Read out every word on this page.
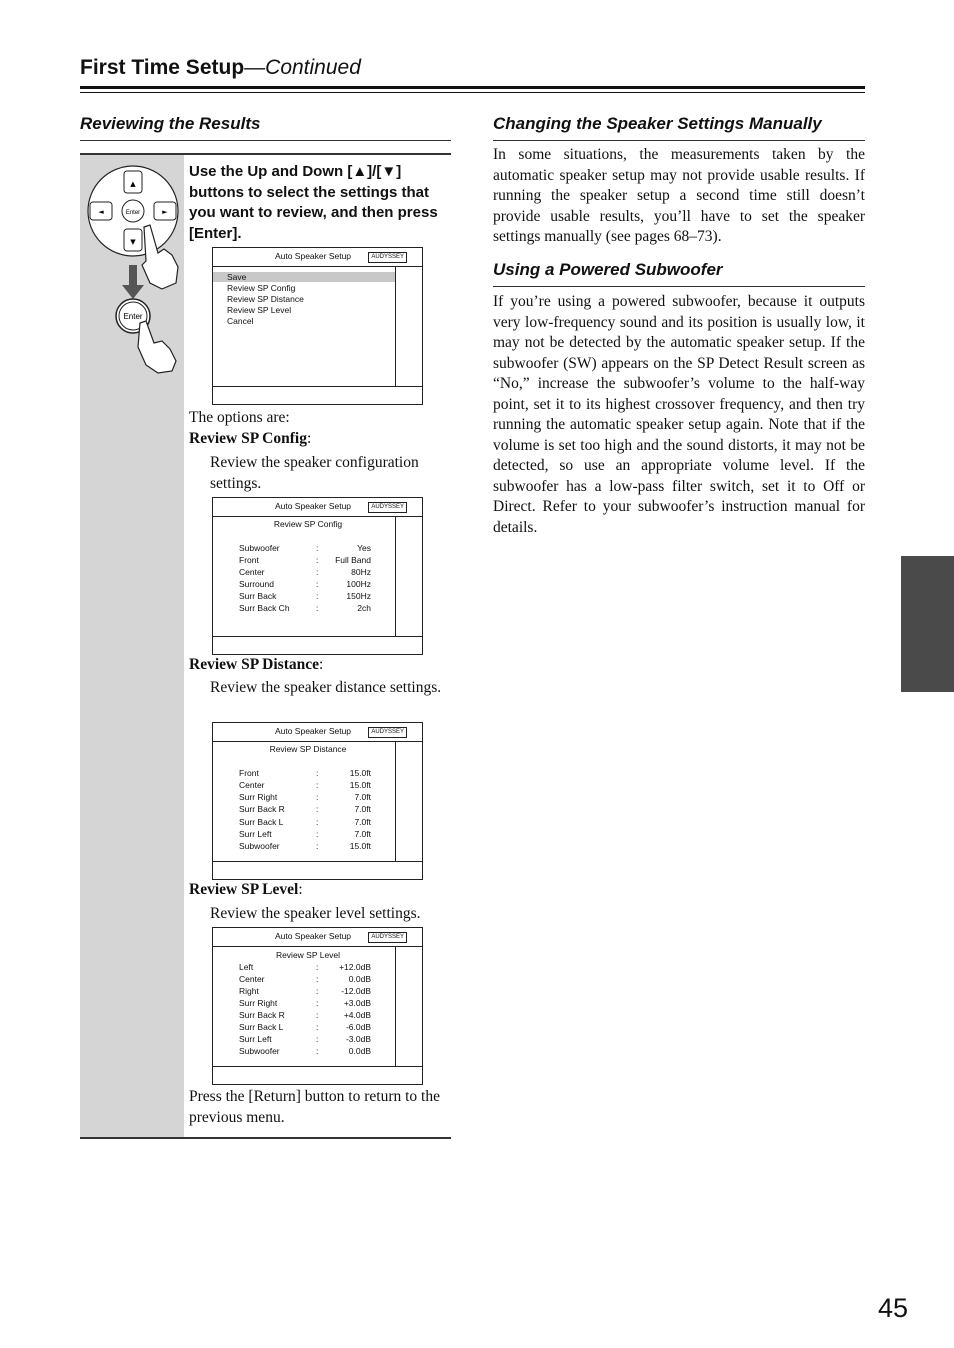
First Time Setup—Continued
Reviewing the Results
▲
▼
◄	►
Enter
Enter
Use the Up and Down [▲]/[▼] buttons to select the settings that you want to review, and then press [Enter].
Auto Speaker Setup	AUDYSSEY
Save
Review SP Config
Review SP Distance
Review SP Level
Cancel
The options are:
Review SP Config:
Review the speaker configuration settings.
Auto Speaker Setup	AUDYSSEY
Review SP Config
Subwoofer	:	Yes
Front	: Full Band
Center	:	80Hz
Surround	:	100Hz
Surr Back	:	150Hz
Surr Back Ch	:	2ch
Review SP Distance:
Review the speaker distance settings.
Auto Speaker Setup	AUDYSSEY
Review SP Distance
Front	:	15.0ft
Center	:	15.0ft
Surr Right	:	7.0ft
Surr Back R	:	7.0ft
Surr Back L	:	7.0ft
Surr Left	:	7.0ft
Subwoofer	:	15.0ft
Review SP Level:
Review the speaker level settings.
Auto Speaker Setup	AUDYSSEY
Review SP Level
Left	: +12.0dB
Center	:	0.0dB
Right	:	-12.0dB
Surr Right	:	+3.0dB
Surr Back R	:	+4.0dB
Surr Back L	:	-6.0dB
Surr Left	:	-3.0dB
Subwoofer	:	0.0dB
Press the [Return] button to return to the previous menu.
Changing the Speaker Settings Manually
In some situations, the measurements taken by the automatic speaker setup may not provide usable results. If running the speaker setup a second time still doesn’t provide usable results, you’ll have to set the speaker settings manually (see pages 68–73).
Using a Powered Subwoofer
If you’re using a powered subwoofer, because it outputs very low-frequency sound and its position is usually low, it may not be detected by the automatic speaker setup. If the subwoofer (SW) appears on the SP Detect Result screen as “No,” increase the subwoofer’s volume to the half-way point, set it to its highest crossover frequency, and then try running the automatic speaker setup again. Note that if the volume is set too high and the sound distorts, it may not be detected, so use an appropriate volume level. If the subwoofer has a low-pass filter switch, set it to Off or Direct. Refer to your subwoofer’s instruction manual for details.
45
